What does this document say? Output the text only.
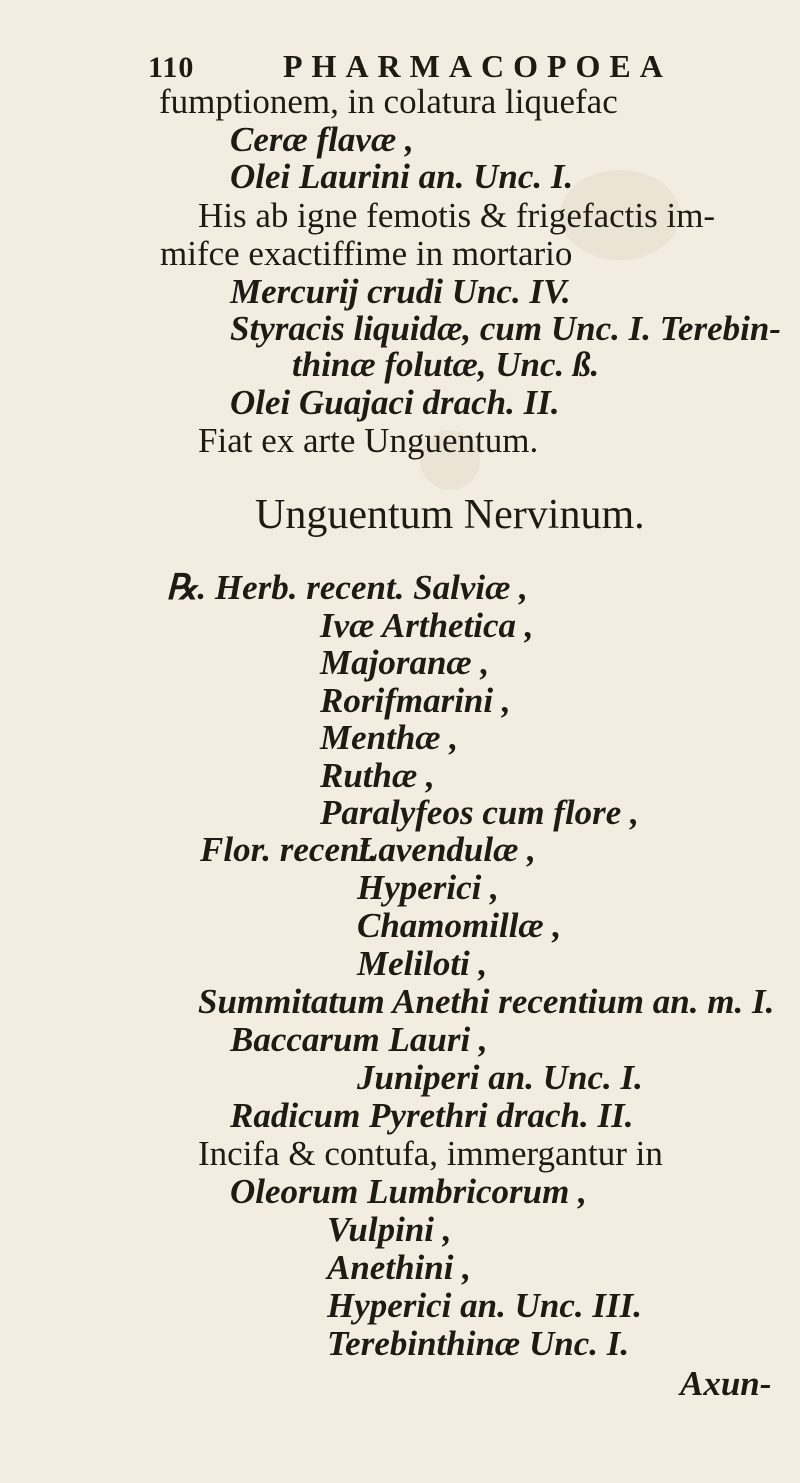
110	PHARMACOPOEA
fumptionem, in colatura liquefac
Ceræ flavæ ,
Olei Laurini an. Unc. I.
His ab igne femotis & frigefactis im-
mifce exactiffime in mortario
Mercurij crudi Unc. IV.
Styracis liquidæ, cum Unc. I. Terebin-
thinæ folutæ, Unc. ß.
Olei Guajaci drach. II.
Fiat ex arte Unguentum.
Unguentum Nervinum.
℞. Herb. recent. Salviæ ,
Ivæ Arthetica ,
Majoranæ ,
Rorifmarini ,
Menthæ ,
Ruthæ ,
Paralyfeos cum flore ,
Flor. recent.
Lavendulæ ,
Hyperici ,
Chamomillæ ,
Meliloti ,
Summitatum Anethi recentium an. m. I.
Baccarum Lauri ,
Juniperi an. Unc. I.
Radicum Pyrethri drach. II.
Incifa & contufa, immergantur in
Oleorum Lumbricorum ,
Vulpini ,
Anethini ,
Hyperici an. Unc. III.
Terebinthinæ Unc. I.
Axun-
